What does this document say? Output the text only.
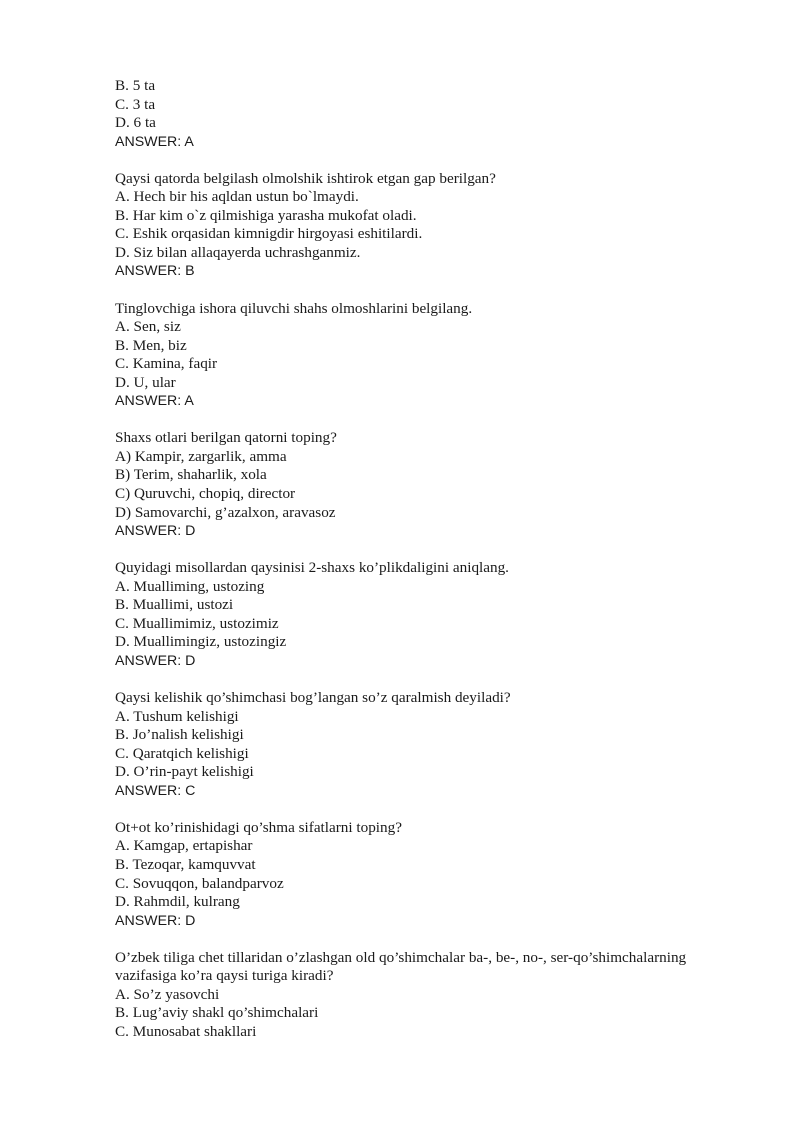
B. 5 ta
C. 3 ta
D. 6 ta
ANSWER: A
Qaysi qatorda belgilash olmolshik ishtirok etgan gap berilgan?
A. Hech bir his aqldan ustun bo`lmaydi.
B. Har kim o`z qilmishiga yarasha mukofat oladi.
C. Eshik orqasidan kimnigdir hirgoyasi eshitilardi.
D. Siz bilan allaqayerda uchrashganmiz.
ANSWER: B
Tinglovchiga ishora qiluvchi shahs olmoshlarini belgilang.
A. Sen, siz
B. Men, biz
C. Kamina, faqir
D. U, ular
ANSWER: A
Shaxs otlari berilgan qatorni toping?
A) Kampir, zargarlik, amma
B) Terim, shaharlik, xola
C) Quruvchi, chopiq, director
D) Samovarchi, g’azalxon, aravasoz
ANSWER: D
Quyidagi misollardan qaysinisi 2-shaxs ko’plikdaligini aniqlang.
A. Mualliming, ustozing
B. Muallimi, ustozi
C. Muallimimiz, ustozimiz
D. Muallimingiz, ustozingiz
ANSWER: D
Qaysi kelishik qo’shimchasi bog’langan so’z qaralmish deyiladi?
A. Tushum kelishigi
B. Jo’nalish kelishigi
C. Qaratqich kelishigi
D. O’rin-payt kelishigi
ANSWER: C
Ot+ot ko’rinishidagi qo’shma sifatlarni toping?
A. Kamgap, ertapishar
B. Tezoqar, kamquvvat
C. Sovuqqon, balandparvoz
D. Rahmdil, kulrang
ANSWER: D
O’zbek tiliga chet tillaridan o’zlashgan old qo’shimchalar ba-, be-, no-, ser-qo’shimchalarning
vazifasiga ko’ra qaysi turiga kiradi?
A. So’z yasovchi
B. Lug’aviy shakl qo’shimchalari
C. Munosabat shakllari
